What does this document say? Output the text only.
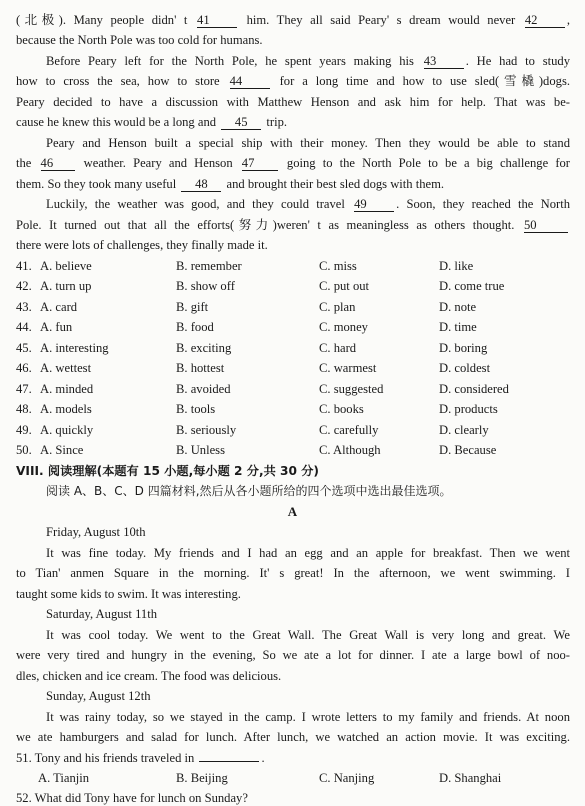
(北极). Many people didn' t 41	him. They all said Peary' s dream would never 42 ,
because the North Pole was too cold for humans.
Before Peary left for the North Pole, he spent years making his 43 . He had to study
how to cross the sea, how to store 44	for a long time and how to use sled(雪橇)dogs.
Peary decided to have a discussion with Matthew Henson and ask him for help. That was be-
cause he knew this would be a long and 45 trip.
Peary and Henson built a special ship with their money. Then they would be able to stand
the 46 weather. Peary and Henson 47	going to the North Pole to be a big challenge for
them. So they took many useful 48 and brought their best sled dogs with them.
Luckily, the weather was good, and they could travel 49 . Soon, they reached the North
Pole. It turned out that all the efforts(努力)weren' t as meaningless as others thought. 50
there were lots of challenges, they finally made it.
41. A. believe	B. remember	C. miss	D. like
42. A. turn up	B. show off	C. put out	D. come true
43. A. card	B. gift	C. plan	D. note
44. A. fun	B. food	C. money	D. time
45. A. interesting	B. exciting	C. hard	D. boring
46. A. wettest	B. hottest	C. warmest	D. coldest
47. A. minded	B. avoided	C. suggested	D. considered
48. A. models	B. tools	C. books	D. products
49. A. quickly	B. seriously	C. carefully	D. clearly
50. A. Since	B. Unless	C. Although	D. Because
VIII. 阅读理解(本题有 15 小题,每小题 2 分,共 30 分)
阅读 A、B、C、D 四篇材料,然后从各小题所给的四个选项中选出最佳选项。
A
Friday, August 10th
It was fine today. My friends and I had an egg and an apple for breakfast. Then we went
to Tian' anmen Square in the morning. It' s great! In the afternoon, we went swimming. I
taught some kids to swim. It was interesting.
Saturday, August 11th
It was cool today. We went to the Great Wall. The Great Wall is very long and great. We
were very tired and hungry in the evening, So we ate a lot for dinner. I ate a large bowl of noo-
dles, chicken and ice cream. The food was delicious.
Sunday, August 12th
It was rainy today, so we stayed in the camp. I wrote letters to my family and friends. At noon
we ate hamburgers and salad for lunch. After lunch, we watched an action movie. It was exciting.
51. Tony and his friends traveled in	.
A. Tianjin	B. Beijing	C. Nanjing	D. Shanghai
52. What did Tony have for lunch on Sunday?
